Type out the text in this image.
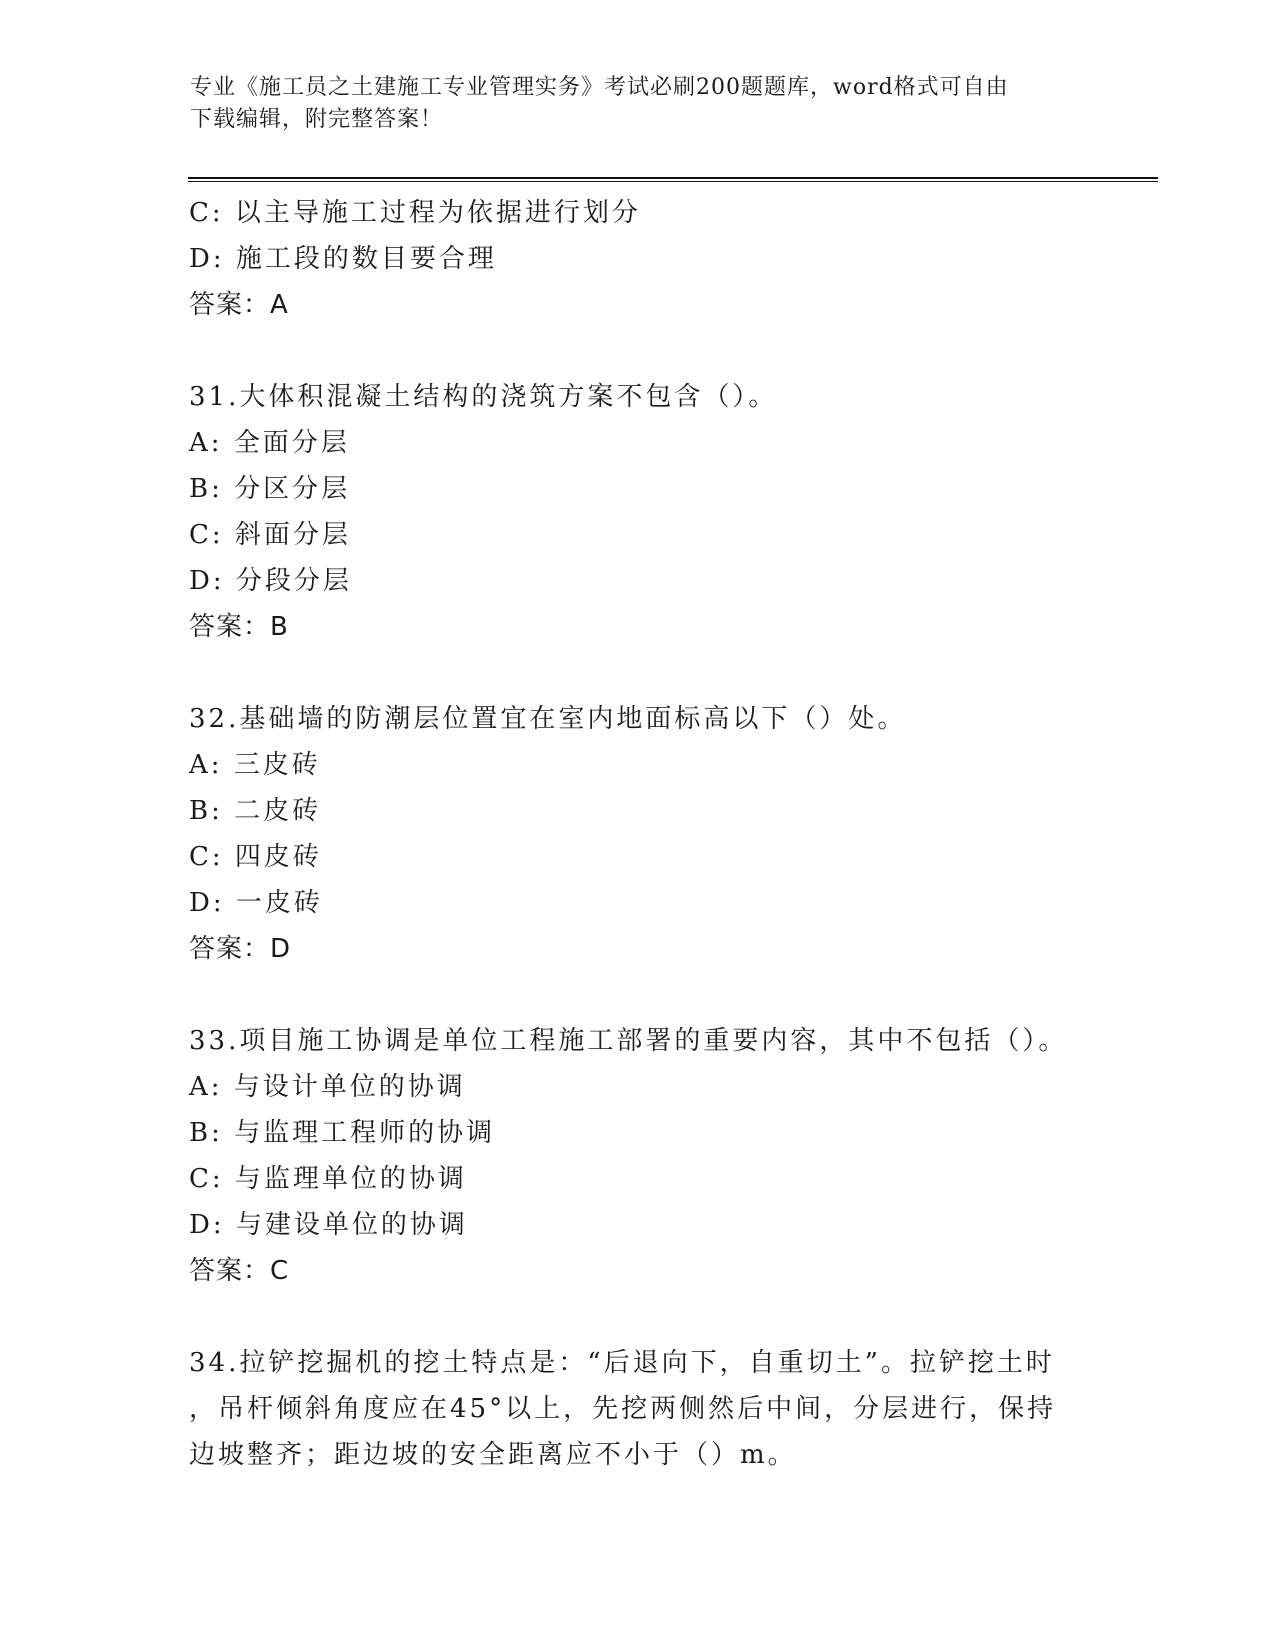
专业《施工员之土建施工专业管理实务》考试必刷200题题库，word格式可自由
下载编辑，附完整答案！
C: 以主导施工过程为依据进行划分
D: 施工段的数目要合理
答案：A
31.大体积混凝土结构的浇筑方案不包含（）。
A: 全面分层
B: 分区分层
C: 斜面分层
D: 分段分层
答案：B
32.基础墙的防潮层位置宜在室内地面标高以下（）处。
A: 三皮砖
B: 二皮砖
C: 四皮砖
D: 一皮砖
答案：D
33.项目施工协调是单位工程施工部署的重要内容，其中不包括（）。
A: 与设计单位的协调
B: 与监理工程师的协调
C: 与监理单位的协调
D: 与建设单位的协调
答案：C
34.拉铲挖掘机的挖土特点是：“后退向下，自重切土”。拉铲挖土时
，吊杆倾斜角度应在45°以上，先挖两侧然后中间，分层进行，保持
边坡整齐；距边坡的安全距离应不小于（）m。
